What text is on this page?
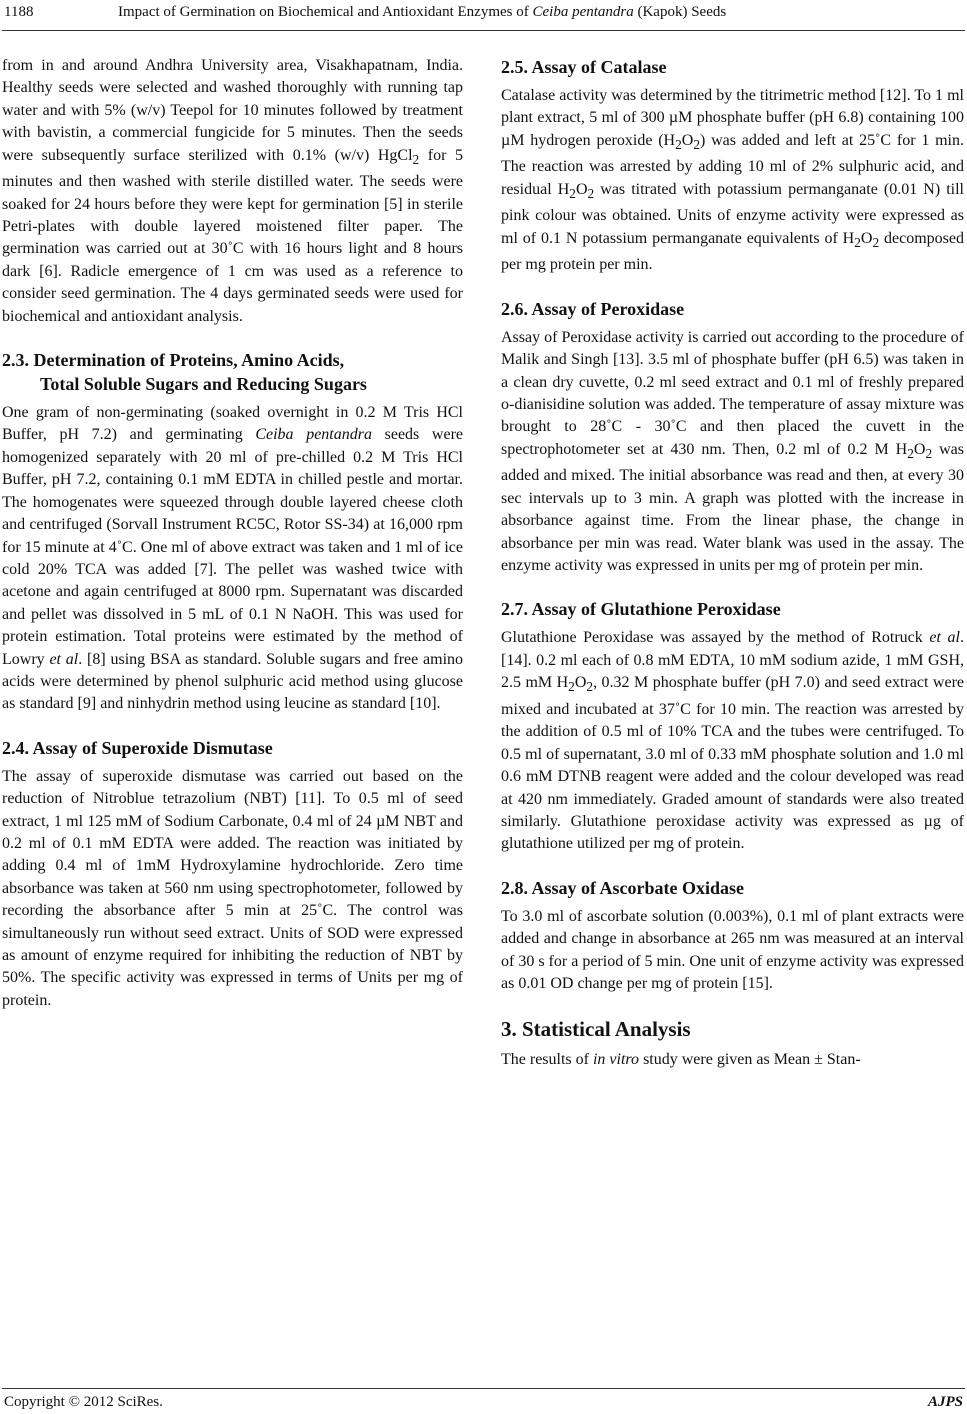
1188	Impact of Germination on Biochemical and Antioxidant Enzymes of Ceiba pentandra (Kapok) Seeds

from in and around Andhra University area, Visakhapatnam, India. Healthy seeds were selected and washed thoroughly with running tap water and with 5% (w/v) Teepol for 10 minutes followed by treatment with bavistin, a commercial fungicide for 5 minutes. Then the seeds were subsequently surface sterilized with 0.1% (w/v) HgCl$_2$ for 5 minutes and then washed with sterile distilled water. The seeds were soaked for 24 hours before they were kept for germination [5] in sterile Petri-plates with double layered moistened filter paper. The germination was carried out at 30˚C with 16 hours light and 8 hours dark [6]. Radicle emergence of 1 cm was used as a reference to consider seed germination. The 4 days germinated seeds were used for biochemical and antioxidant analysis.

2.3. Determination of Proteins, Amino Acids,
Total Soluble Sugars and Reducing Sugars

One gram of non-germinating (soaked overnight in 0.2 M Tris HCl Buffer, pH 7.2) and germinating Ceiba pentandra seeds were homogenized separately with 20 ml of pre-chilled 0.2 M Tris HCl Buffer, pH 7.2, containing 0.1 mM EDTA in chilled pestle and mortar. The homogenates were squeezed through double layered cheese cloth and centrifuged (Sorvall Instrument RC5C, Rotor SS-34) at 16,000 rpm for 15 minute at 4˚C. One ml of above extract was taken and 1 ml of ice cold 20% TCA was added [7]. The pellet was washed twice with acetone and again centrifuged at 8000 rpm. Supernatant was discarded and pellet was dissolved in 5 mL of 0.1 N NaOH. This was used for protein estimation. Total proteins were estimated by the method of Lowry et al. [8] using BSA as standard. Soluble sugars and free amino acids were determined by phenol sulphuric acid method using glucose as standard [9] and ninhydrin method using leucine as standard [10].

2.4. Assay of Superoxide Dismutase

The assay of superoxide dismutase was carried out based on the reduction of Nitroblue tetrazolium (NBT) [11]. To 0.5 ml of seed extract, 1 ml 125 mM of Sodium Carbonate, 0.4 ml of 24 µM NBT and 0.2 ml of 0.1 mM EDTA were added. The reaction was initiated by adding 0.4 ml of 1mM Hydroxylamine hydrochloride. Zero time absorbance was taken at 560 nm using spectrophotometer, followed by recording the absorbance after 5 min at 25˚C. The control was simultaneously run without seed extract. Units of SOD were expressed as amount of enzyme required for inhibiting the reduction of NBT by 50%. The specific activity was expressed in terms of Units per mg of protein.

2.5. Assay of Catalase

Catalase activity was determined by the titrimetric method [12]. To 1 ml plant extract, 5 ml of 300 µM phosphate buffer (pH 6.8) containing 100 µM hydrogen peroxide $(H_2O_2)$ was added and left at 25˚C for 1 min. The reaction was arrested by adding 10 ml of 2% sulphuric acid, and residual $H_2O_2$ was titrated with potassium permanganate (0.01 N) till pink colour was obtained. Units of enzyme activity were expressed as ml of 0.1 N potassium permanganate equivalents of $H_2O_2$ decomposed per mg protein per min.

2.6. Assay of Peroxidase

Assay of Peroxidase activity is carried out according to the procedure of Malik and Singh [13]. 3.5 ml of phosphate buffer (pH 6.5) was taken in a clean dry cuvette, 0.2 ml seed extract and 0.1 ml of freshly prepared o-dianisidine solution was added. The temperature of assay mixture was brought to 28˚C - 30˚C and then placed the cuvett in the spectrophotometer set at 430 nm. Then, 0.2 ml of 0.2 M $H_2O_2$ was added and mixed. The initial absorbance was read and then, at every 30 sec intervals up to 3 min. A graph was plotted with the increase in absorbance against time. From the linear phase, the change in absorbance per min was read. Water blank was used in the assay. The enzyme activity was expressed in units per mg of protein per min.

2.7. Assay of Glutathione Peroxidase

Glutathione Peroxidase was assayed by the method of Rotruck et al. [14]. 0.2 ml each of 0.8 mM EDTA, 10 mM sodium azide, 1 mM GSH, 2.5 mM $H_2O_2$, 0.32 M phosphate buffer (pH 7.0) and seed extract were mixed and incubated at 37˚C for 10 min. The reaction was arrested by the addition of 0.5 ml of 10% TCA and the tubes were centrifuged. To 0.5 ml of supernatant, 3.0 ml of 0.33 mM phosphate solution and 1.0 ml 0.6 mM DTNB reagent were added and the colour developed was read at 420 nm immediately. Graded amount of standards were also treated similarly. Glutathione peroxidase activity was expressed as µg of glutathione utilized per mg of protein.

2.8. Assay of Ascorbate Oxidase

To 3.0 ml of ascorbate solution (0.003%), 0.1 ml of plant extracts were added and change in absorbance at 265 nm was measured at an interval of 30 s for a period of 5 min. One unit of enzyme activity was expressed as 0.01 OD change per mg of protein [15].

3. Statistical Analysis

The results of in vitro study were given as Mean ± Stan-

Copyright © 2012 SciRes.	AJPS
